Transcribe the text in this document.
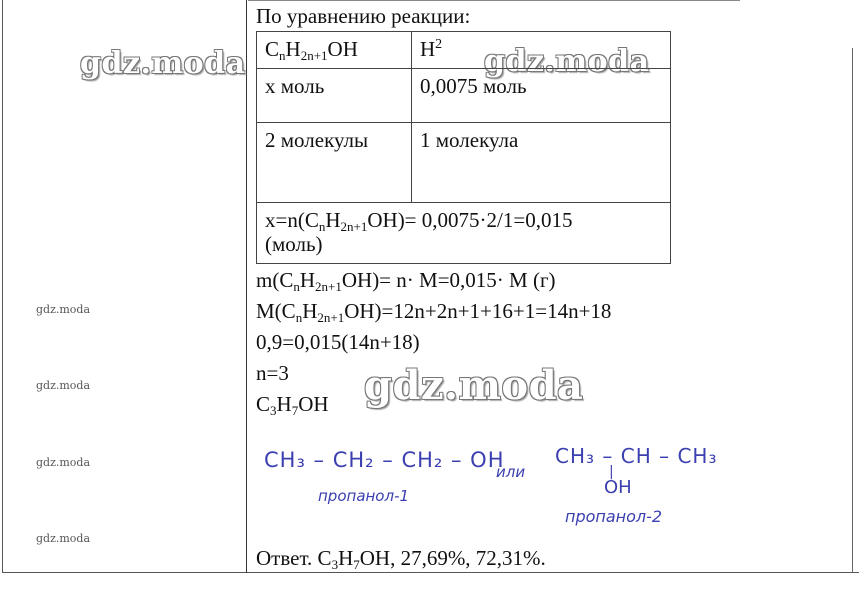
gdz.moda	gdz.moda
gdz.moda
gdz.moda
gdz.moda
gdz.moda
gdz.moda
По уравнению реакции:
$C_nH_{2n+1}OH$	$H^2$
x моль	0,0075 моль
2 молекулы	1 молекула
$x=n(C_nH_{2n+1}OH)= 0,0075\cdot 2/1=0,015$
(моль)	
$m(C_nH_{2n+1}OH)= n\cdot M=0,015\cdot M$ (г)
$M(C_nH_{2n+1}OH)=12n+2n+1+16+1=14n+18$
0,9=0,015(14n+18)
n=3
$C_3H_7OH$
CH₃ – CH₂ – CH₂ – OH
пропанол-1
или
CH₃ – CH – CH₃
|
OH
пропанол-2
Ответ. $C_3H_7OH$, 27,69%, 72,31%.
